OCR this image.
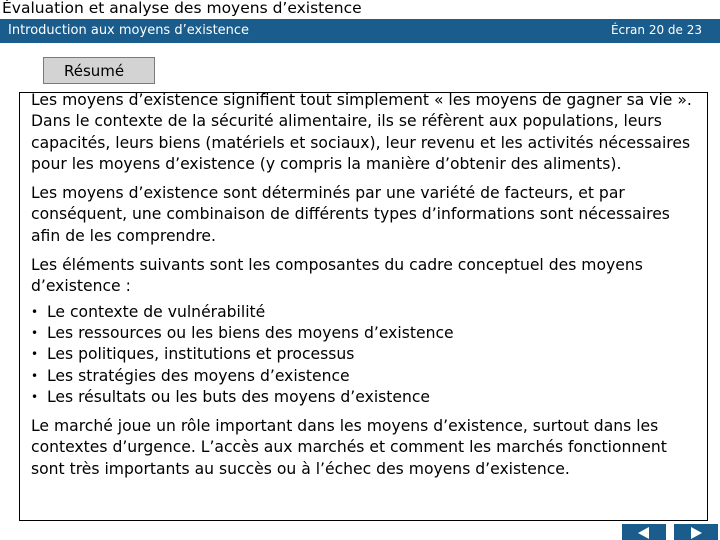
Évaluation et analyse des moyens d’existence
Introduction aux moyens d’existence	Écran 20 de 23
Résumé

Les moyens d’existence signifient tout simplement « les moyens de gagner sa vie ». Dans le contexte de la sécurité alimentaire, ils se réfèrent aux populations, leurs capacités, leurs biens (matériels et sociaux), leur revenu et les activités nécessaires pour les moyens d’existence (y compris la manière d’obtenir des aliments).

Les moyens d’existence sont déterminés par une variété de facteurs, et par conséquent, une combinaison de différents types d’informations sont nécessaires afin de les comprendre.

Les éléments suivants sont les composantes du cadre conceptuel des moyens d’existence :

• Le contexte de vulnérabilité
• Les ressources ou les biens des moyens d’existence
• Les politiques, institutions et processus
• Les stratégies des moyens d’existence
• Les résultats ou les buts des moyens d’existence

Le marché joue un rôle important dans les moyens d’existence, surtout dans les contextes d’urgence. L’accès aux marchés et comment les marchés fonctionnent sont très importants au succès ou à l’échec des moyens d’existence.
